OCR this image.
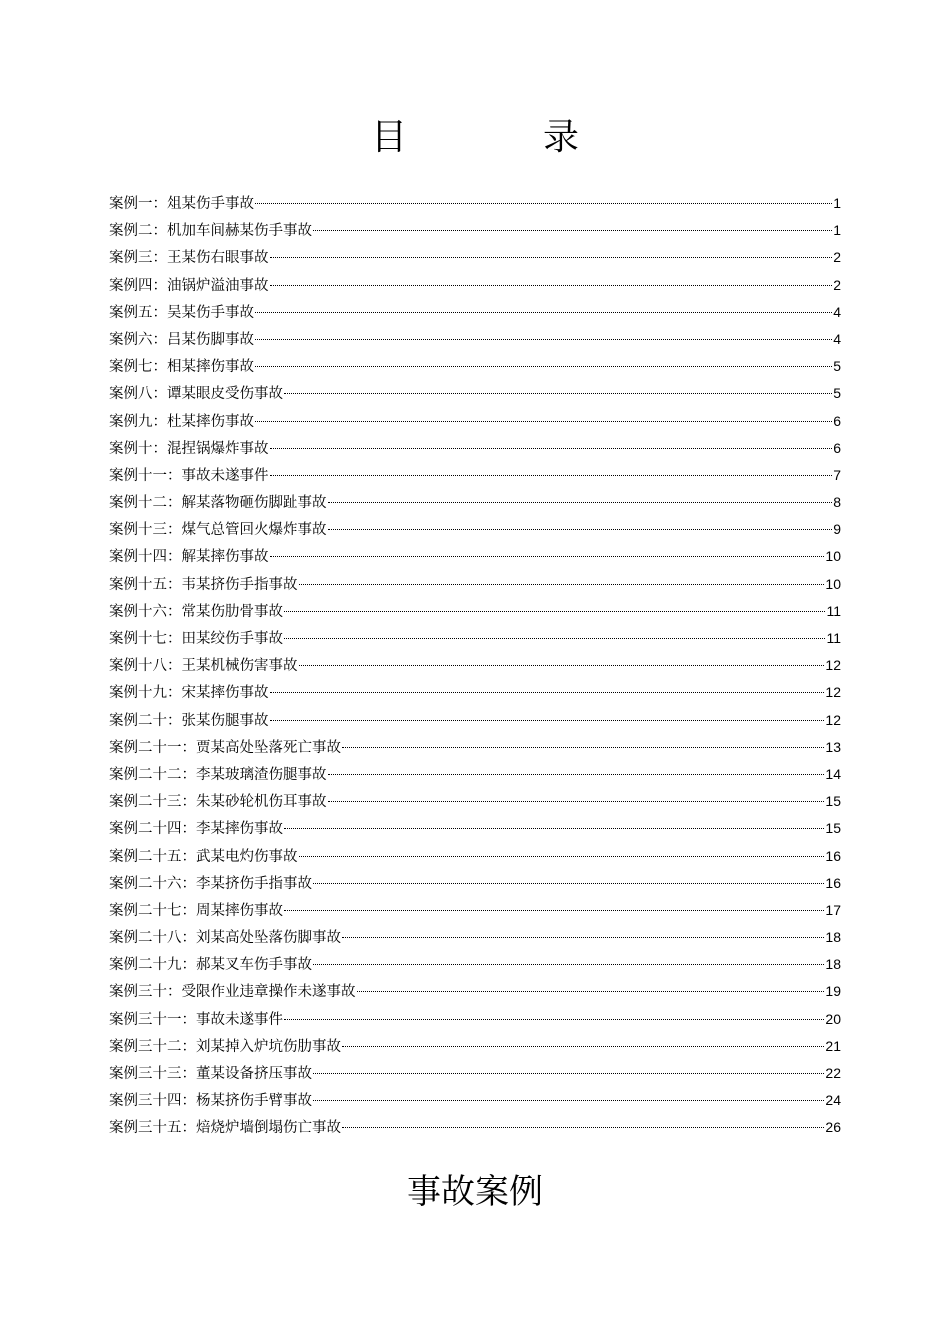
目　录
案例一：俎某伤手事故	1
案例二：机加车间赫某伤手事故	1
案例三：王某伤右眼事故	2
案例四：油锅炉溢油事故	2
案例五：吴某伤手事故	4
案例六：吕某伤脚事故	4
案例七：相某摔伤事故	5
案例八：谭某眼皮受伤事故	5
案例九：杜某摔伤事故	6
案例十：混捏锅爆炸事故	6
案例十一：事故未遂事件	7
案例十二：解某落物砸伤脚趾事故	8
案例十三：煤气总管回火爆炸事故	9
案例十四：解某摔伤事故	10
案例十五：韦某挤伤手指事故	10
案例十六：常某伤肋骨事故	11
案例十七：田某绞伤手事故	11
案例十八：王某机械伤害事故	12
案例十九：宋某摔伤事故	12
案例二十：张某伤腿事故	12
案例二十一：贾某高处坠落死亡事故	13
案例二十二：李某玻璃渣伤腿事故	14
案例二十三：朱某砂轮机伤耳事故	15
案例二十四：李某摔伤事故	15
案例二十五：武某电灼伤事故	16
案例二十六：李某挤伤手指事故	16
案例二十七：周某摔伤事故	17
案例二十八：刘某高处坠落伤脚事故	18
案例二十九：郝某叉车伤手事故	18
案例三十：受限作业违章操作未遂事故	19
案例三十一：事故未遂事件	20
案例三十二：刘某掉入炉坑伤肋事故	21
案例三十三：董某设备挤压事故	22
案例三十四：杨某挤伤手臂事故	24
案例三十五：焙烧炉墙倒塌伤亡事故	26
事故案例
